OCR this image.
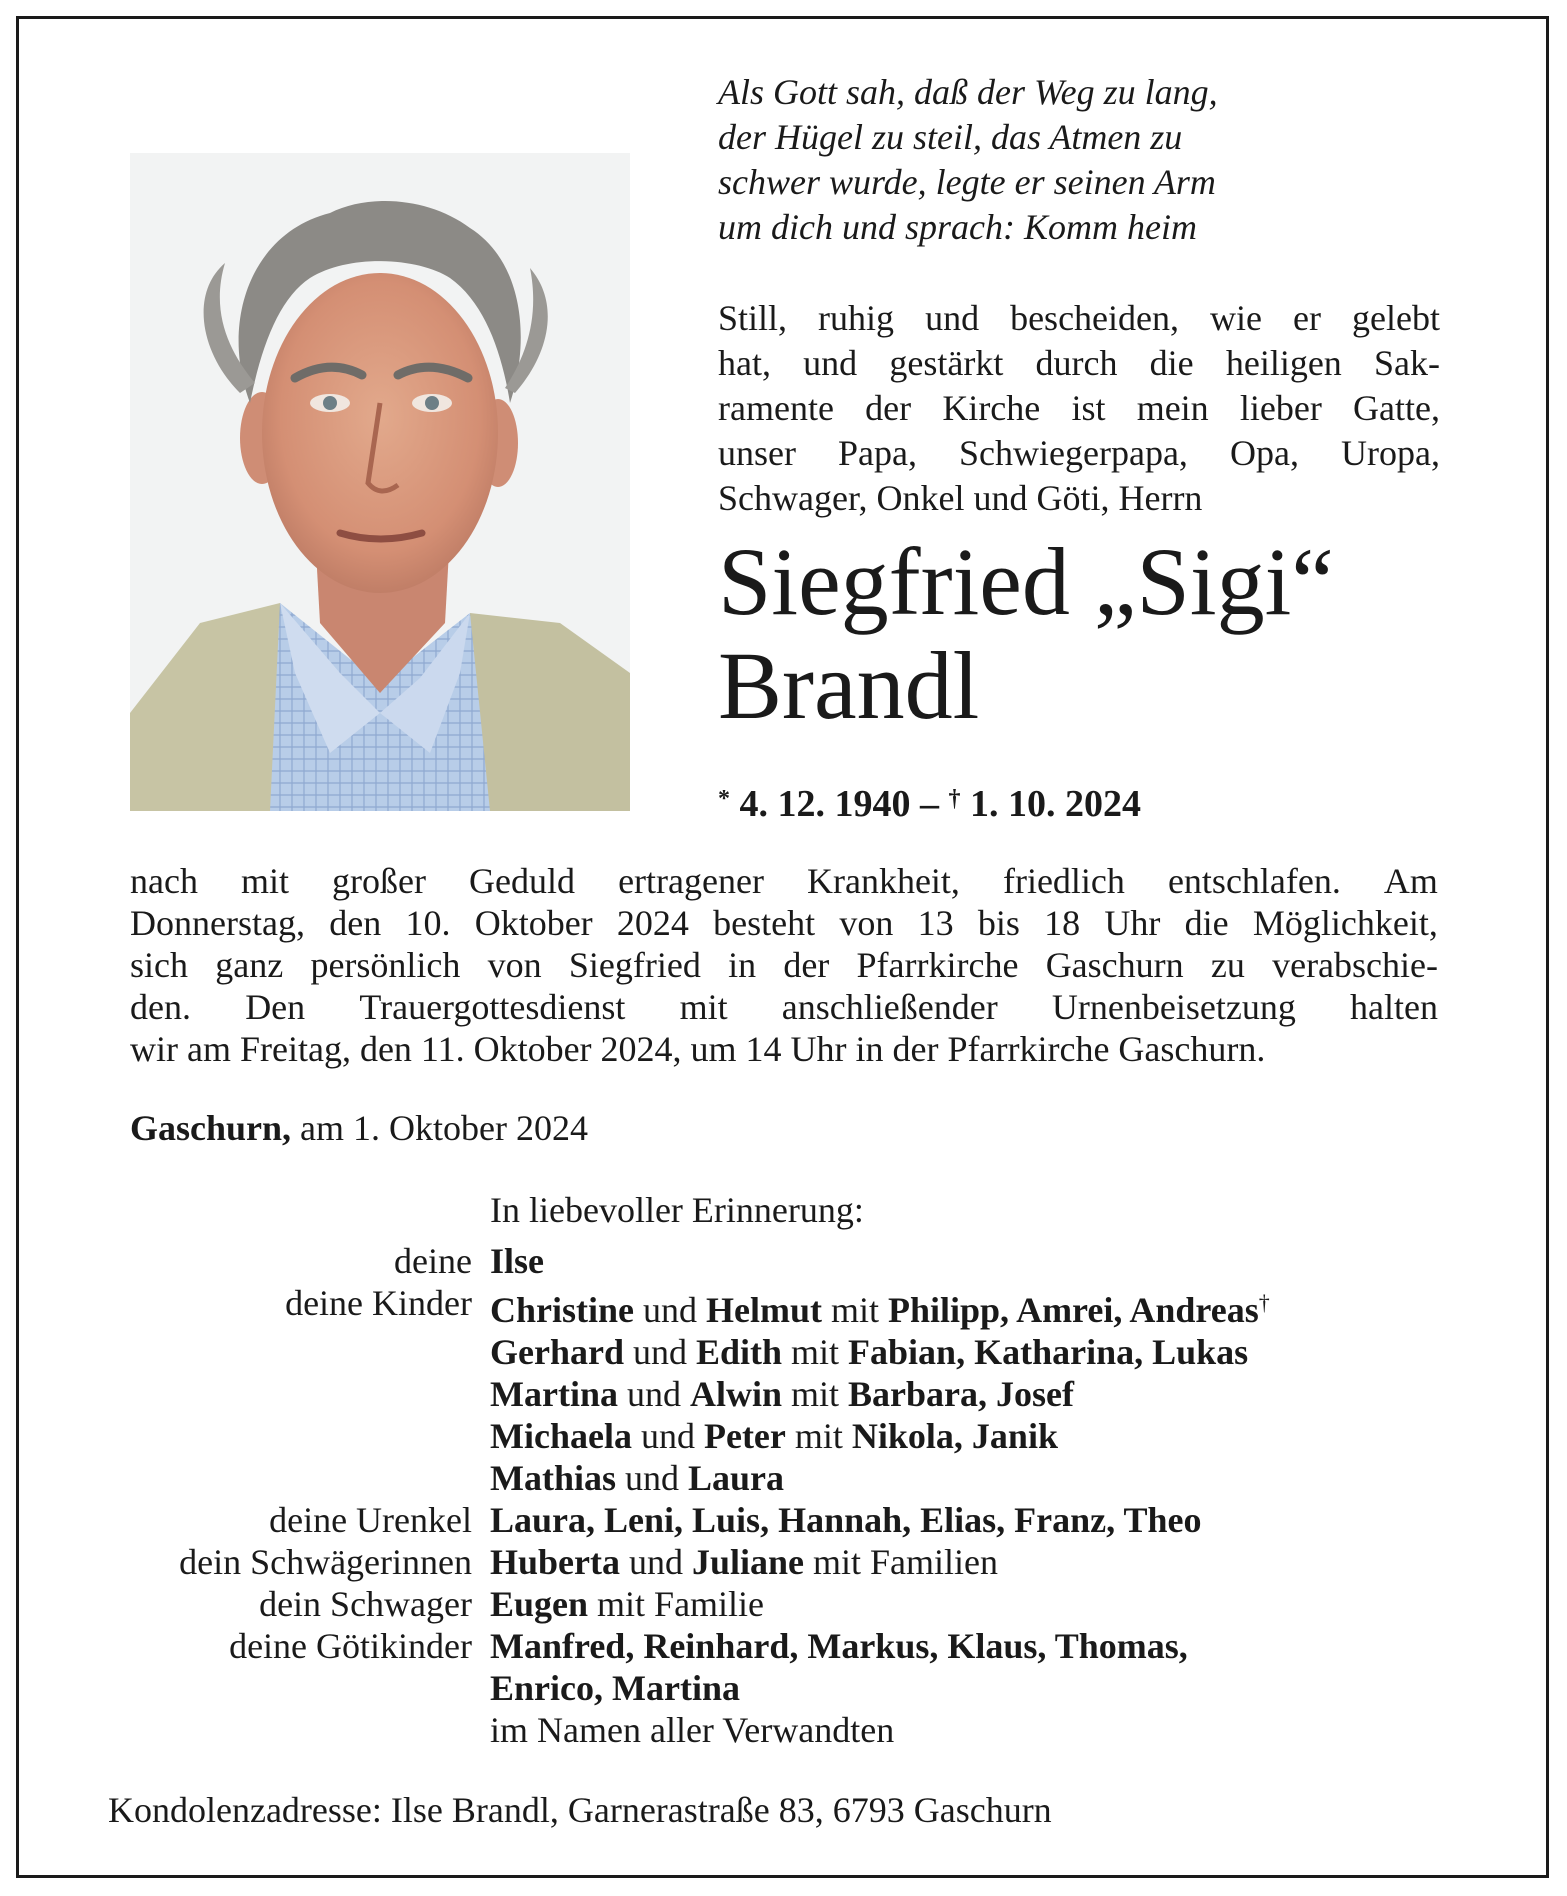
Als Gott sah, daß der Weg zu lang,
der Hügel zu steil, das Atmen zu
schwer wurde, legte er seinen Arm
um dich und sprach: Komm heim
Still, ruhig und bescheiden, wie er gelebt
hat, und gestärkt durch die heiligen Sak-
ramente der Kirche ist mein lieber Gatte,
unser Papa, Schwiegerpapa, Opa, Uropa,
Schwager, Onkel und Göti, Herrn
Siegfried „Sigi“
Brandl
* 4. 12. 1940 – † 1. 10. 2024
nach mit großer Geduld ertragener Krankheit, friedlich entschlafen. Am
Donnerstag, den 10. Oktober 2024 besteht von 13 bis 18 Uhr die Möglichkeit,
sich ganz persönlich von Siegfried in der Pfarrkirche Gaschurn zu verabschie-
den. Den Trauergottesdienst mit anschließender Urnenbeisetzung halten
wir am Freitag, den 11. Oktober 2024, um 14 Uhr in der Pfarrkirche Gaschurn.
Gaschurn, am 1. Oktober 2024
In liebevoller Erinnerung:
deine Ilse
deine Kinder Christine und Helmut mit Philipp, Amrei, Andreas†
Gerhard und Edith mit Fabian, Katharina, Lukas
Martina und Alwin mit Barbara, Josef
Michaela und Peter mit Nikola, Janik
Mathias und Laura
deine Urenkel Laura, Leni, Luis, Hannah, Elias, Franz, Theo
dein Schwägerinnen Huberta und Juliane mit Familien
dein Schwager Eugen mit Familie
deine Götikinder Manfred, Reinhard, Markus, Klaus, Thomas,
Enrico, Martina
im Namen aller Verwandten
Kondolenzadresse: Ilse Brandl, Garnerastraße 83, 6793 Gaschurn
